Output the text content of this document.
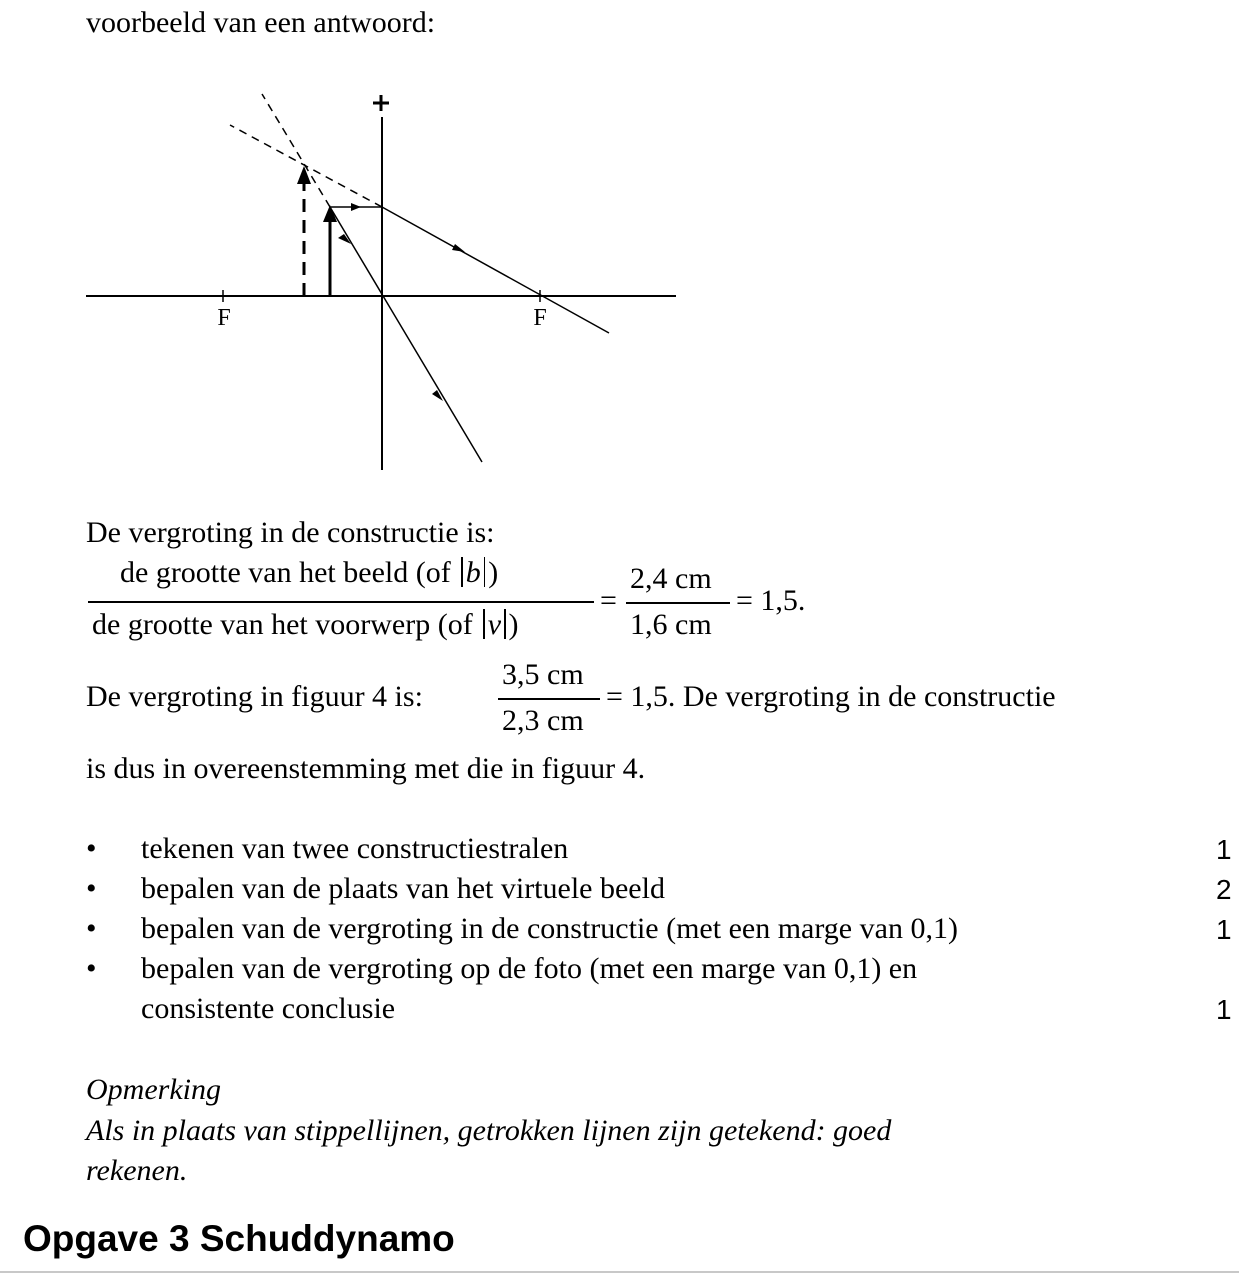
voorbeeld van een antwoord:
F	F
De vergroting in de constructie is:
de grootte van het beeld (of b )
de grootte van het voorwerp (of v )
=
2,4 cm
1,6 cm
= 1,5.
De vergroting in figuur 4 is:
3,5 cm
2,3 cm
= 1,5. De vergroting in de constructie
is dus in overeenstemming met die in figuur 4.
• tekenen van twee constructiestralen	1
• bepalen van de plaats van het virtuele beeld	2
• bepalen van de vergroting in de constructie (met een marge van 0,1)	1
• bepalen van de vergroting op de foto (met een marge van 0,1) en
consistente conclusie	1
Opmerking
Als in plaats van stippellijnen, getrokken lijnen zijn getekend: goed
rekenen.
Opgave 3 Schuddynamo
